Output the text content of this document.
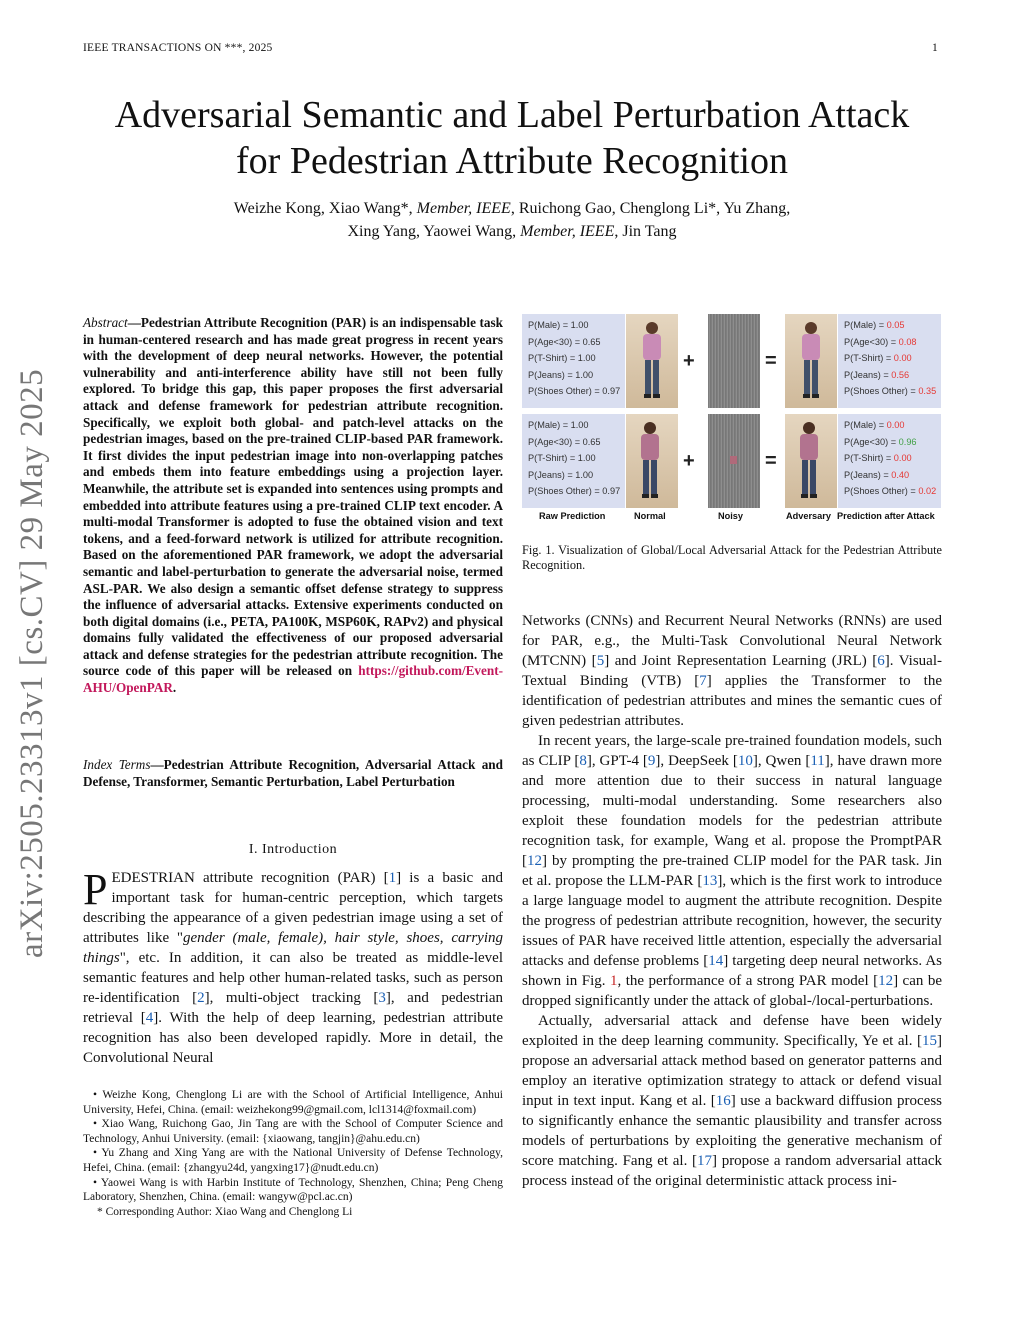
IEEE TRANSACTIONS ON ***, 2025	1
Adversarial Semantic and Label Perturbation Attack
for Pedestrian Attribute Recognition
Weizhe Kong, Xiao Wang*, Member, IEEE, Ruichong Gao, Chenglong Li*, Yu Zhang,
Xing Yang, Yaowei Wang, Member, IEEE, Jin Tang
arXiv:2505.23313v1 [cs.CV] 29 May 2025
Abstract—Pedestrian Attribute Recognition (PAR) is an indispensable task in human-centered research and has made great progress in recent years with the development of deep neural networks. However, the potential vulnerability and anti-interference ability have still not been fully explored. To bridge this gap, this paper proposes the first adversarial attack and defense framework for pedestrian attribute recognition. Specifically, we exploit both global- and patch-level attacks on the pedestrian images, based on the pre-trained CLIP-based PAR framework. It first divides the input pedestrian image into non-overlapping patches and embeds them into feature embeddings using a projection layer. Meanwhile, the attribute set is expanded into sentences using prompts and embedded into attribute features using a pre-trained CLIP text encoder. A multi-modal Transformer is adopted to fuse the obtained vision and text tokens, and a feed-forward network is utilized for attribute recognition. Based on the aforementioned PAR framework, we adopt the adversarial semantic and label-perturbation to generate the adversarial noise, termed ASL-PAR. We also design a semantic offset defense strategy to suppress the influence of adversarial attacks. Extensive experiments conducted on both digital domains (i.e., PETA, PA100K, MSP60K, RAPv2) and physical domains fully validated the effectiveness of our proposed adversarial attack and defense strategies for the pedestrian attribute recognition. The source code of this paper will be released on https://github.com/Event-AHU/OpenPAR.
Index Terms—Pedestrian Attribute Recognition, Adversarial Attack and Defense, Transformer, Semantic Perturbation, Label Perturbation
I. Introduction
PEDESTRIAN attribute recognition (PAR) [1] is a basic and important task for human-centric perception, which targets describing the appearance of a given pedestrian image using a set of attributes like "gender (male, female), hair style, shoes, carrying things", etc. In addition, it can also be treated as middle-level semantic features and help other human-related tasks, such as person re-identification [2], multi-object tracking [3], and pedestrian retrieval [4]. With the help of deep learning, pedestrian attribute recognition has also been developed rapidly. More in detail, the Convolutional Neural

• Weizhe Kong, Chenglong Li are with the School of Artificial Intelligence, Anhui University, Hefei, China. (email: weizhekong99@gmail.com, lcl1314@foxmail.com)

• Xiao Wang, Ruichong Gao, Jin Tang are with the School of Computer Science and Technology, Anhui University. (email: {xiaowang, tangjin}@ahu.edu.cn)

• Yu Zhang and Xing Yang are with the National University of Defense Technology, Hefei, China. (email: {zhangyu24d, yangxing17}@nudt.edu.cn)

• Yaowei Wang is with Harbin Institute of Technology, Shenzhen, China; Peng Cheng Laboratory, Shenzhen, China. (email: wangyw@pcl.ac.cn)

* Corresponding Author: Xiao Wang and Chenglong Li

P(Male) = 1.00
P(Age<30) = 0.65
P(T-Shirt) = 1.00
P(Jeans) = 1.00
P(Shoes Other) = 0.97
+	=
P(Male) = 0.05
P(Age<30) = 0.08
P(T-Shirt) = 0.00
P(Jeans) = 0.56
P(Shoes Other) = 0.35
P(Male) = 1.00
P(Age<30) = 0.65
P(T-Shirt) = 1.00
P(Jeans) = 1.00
P(Shoes Other) = 0.97
+	=
P(Male) = 0.00
P(Age<30) = 0.96
P(T-Shirt) = 0.00
P(Jeans) = 0.40
P(Shoes Other) = 0.02
Raw Prediction	Normal	Noisy	Adversary Prediction after Attack
Fig. 1. Visualization of Global/Local Adversarial Attack for the Pedestrian Attribute Recognition.

Networks (CNNs) and Recurrent Neural Networks (RNNs) are used for PAR, e.g., the Multi-Task Convolutional Neural Network (MTCNN) [5] and Joint Representation Learning (JRL) [6]. Visual-Textual Binding (VTB) [7] applies the Transformer to the identification of pedestrian attributes and mines the semantic cues of given pedestrian attributes.

In recent years, the large-scale pre-trained foundation models, such as CLIP [8], GPT-4 [9], DeepSeek [10], Qwen [11], have drawn more and more attention due to their success in natural language processing, multi-modal understanding. Some researchers also exploit these foundation models for the pedestrian attribute recognition task, for example, Wang et al. propose the PromptPAR [12] by prompting the pre-trained CLIP model for the PAR task. Jin et al. propose the LLM-PAR [13], which is the first work to introduce a large language model to augment the attribute recognition. Despite the progress of pedestrian attribute recognition, however, the security issues of PAR have received little attention, especially the adversarial attacks and defense problems [14] targeting deep neural networks. As shown in Fig. 1, the performance of a strong PAR model [12] can be dropped significantly under the attack of global-/local-perturbations.

Actually, adversarial attack and defense have been widely exploited in the deep learning community. Specifically, Ye et al. [15] propose an adversarial attack method based on generator patterns and employ an iterative optimization strategy to attack or defend visual input in text input. Kang et al. [16] use a backward diffusion process to significantly enhance the semantic plausibility and transfer across models of perturbations by exploiting the generative mechanism of score matching. Fang et al. [17] propose a random adversarial attack process instead of the original deterministic attack process ini-
